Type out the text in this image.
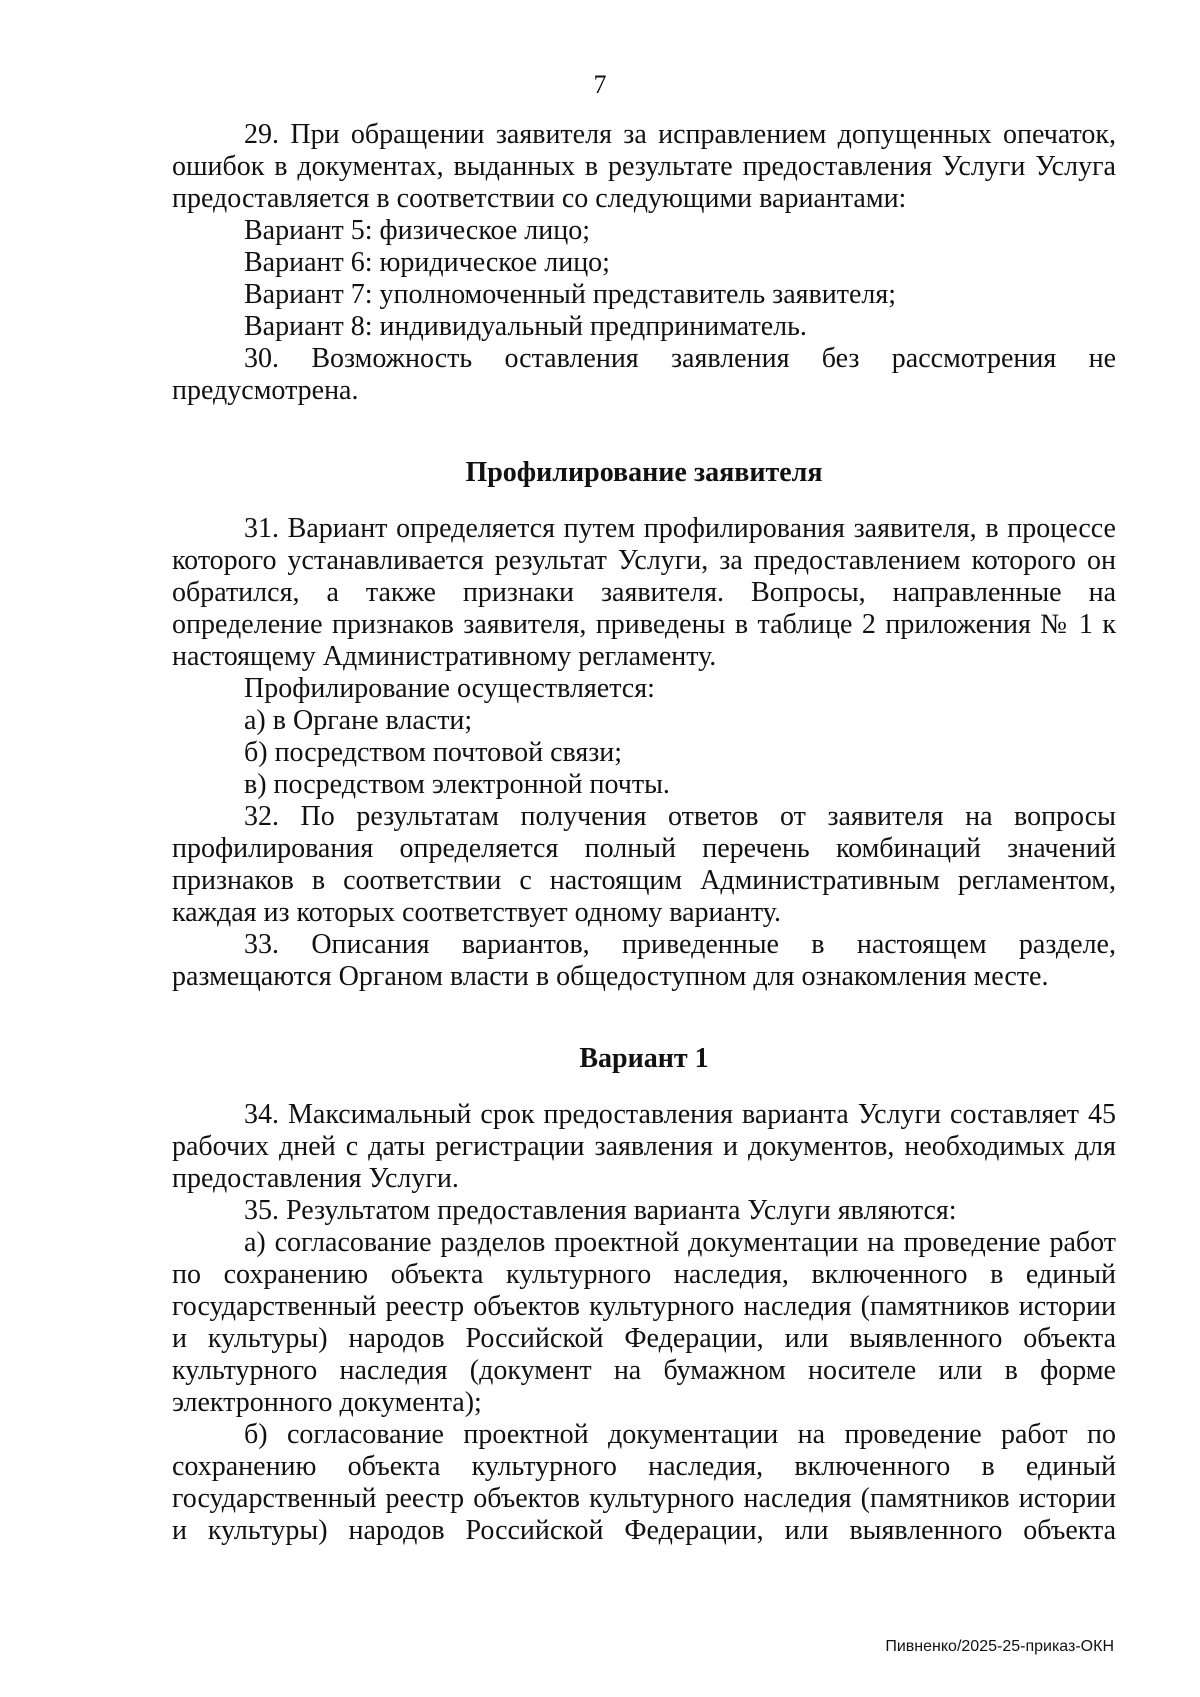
7

29. При обращении заявителя за исправлением допущенных опечаток,

ошибок в документах, выданных в результате предоставления Услуги Услуга

предоставляется в соответствии со следующими вариантами:

Вариант 5: физическое лицо;

Вариант 6: юридическое лицо;

Вариант 7: уполномоченный представитель заявителя;

Вариант 8: индивидуальный предприниматель.

30. Возможность оставления заявления без рассмотрения не

предусмотрена.

Профилирование заявителя

31. Вариант определяется путем профилирования заявителя, в процессе

которого устанавливается результат Услуги, за предоставлением которого он

обратился, а также признаки заявителя. Вопросы, направленные на

определение признаков заявителя, приведены в таблице 2 приложения № 1 к

настоящему Административному регламенту.

Профилирование осуществляется:

а) в Органе власти;

б) посредством почтовой связи;

в) посредством электронной почты.

32. По результатам получения ответов от заявителя на вопросы

профилирования определяется полный перечень комбинаций значений

признаков в соответствии с настоящим Административным регламентом,

каждая из которых соответствует одному варианту.

33. Описания вариантов, приведенные в настоящем разделе,

размещаются Органом власти в общедоступном для ознакомления месте.

Вариант 1

34. Максимальный срок предоставления варианта Услуги составляет 45

рабочих дней с даты регистрации заявления и документов, необходимых для

предоставления Услуги.

35. Результатом предоставления варианта Услуги являются:

а) согласование разделов проектной документации на проведение работ

по сохранению объекта культурного наследия, включенного в единый

государственный реестр объектов культурного наследия (памятников истории

и культуры) народов Российской Федерации, или выявленного объекта

культурного наследия (документ на бумажном носителе или в форме

электронного документа);

б) согласование проектной документации на проведение работ по

сохранению объекта культурного наследия, включенного в единый

государственный реестр объектов культурного наследия (памятников истории

и культуры) народов Российской Федерации, или выявленного объекта

Пивненко/2025-25-приказ-ОКН
